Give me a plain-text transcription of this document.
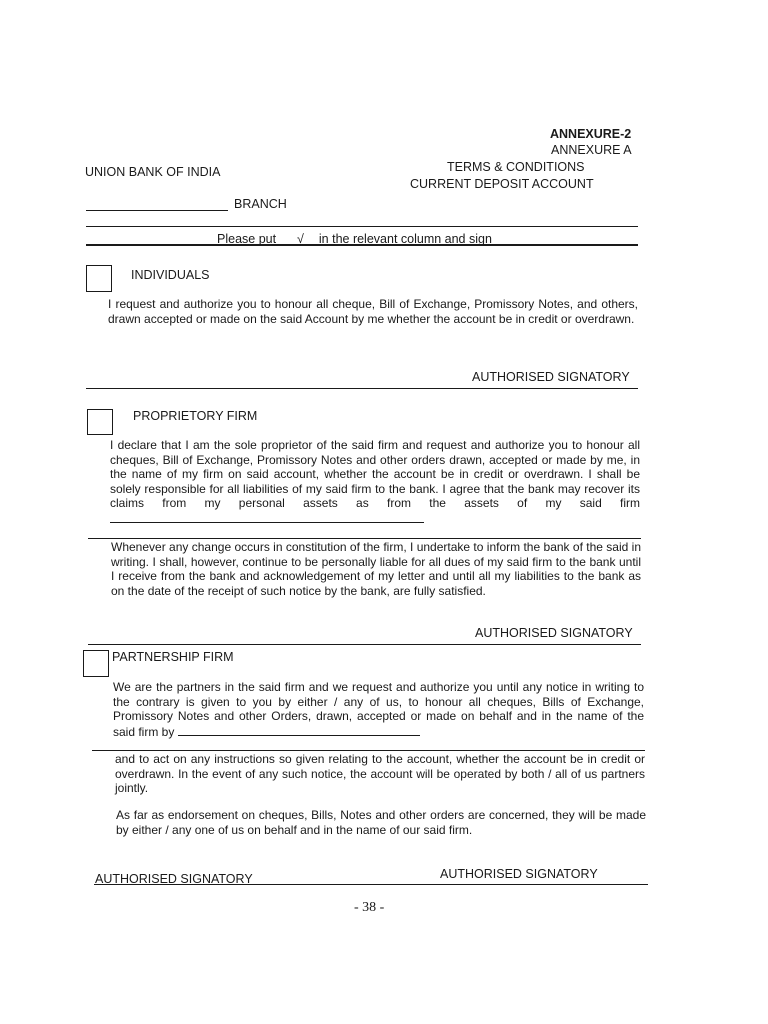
ANNEXURE-2
ANNEXURE A
UNION BANK OF INDIA	TERMS & CONDITIONS
CURRENT DEPOSIT ACCOUNT
BRANCH
Please put √ in the relevant column and sign
INDIVIDUALS
I request and authorize you to honour all cheque, Bill of Exchange, Promissory Notes, and others, drawn accepted or made on the said Account by me whether the account be in credit or overdrawn.
AUTHORISED SIGNATORY
PROPRIETORY FIRM
I declare that I am the sole proprietor of the said firm and request and authorize you to honour all cheques, Bill of Exchange, Promissory Notes and other orders drawn, accepted or made by me, in the name of my firm on said account, whether the account be in credit or overdrawn. I shall be solely responsible for all liabilities of my said firm to the bank. I agree that the bank may recover its claims from my personal assets as from the assets of my said firm
Whenever any change occurs in constitution of the firm, I undertake to inform the bank of the said in writing. I shall, however, continue to be personally liable for all dues of my said firm to the bank until I receive from the bank and acknowledgement of my letter and until all my liabilities to the bank as on the date of the receipt of such notice by the bank, are fully satisfied.
AUTHORISED SIGNATORY
PARTNERSHIP FIRM
We are the partners in the said firm and we request and authorize you until any notice in writing to the contrary is given to you by either / any of us, to honour all cheques, Bills of Exchange, Promissory Notes and other Orders, drawn, accepted or made on behalf and in the name of the said firm by
and to act on any instructions so given relating to the account, whether the account be in credit or overdrawn. In the event of any such notice, the account will be operated by both / all of us partners jointly.
As far as endorsement on cheques, Bills, Notes and other orders are concerned, they will be made by either / any one of us on behalf and in the name of our said firm.
AUTHORISED SIGNATORY	AUTHORISED SIGNATORY
- 38 -
